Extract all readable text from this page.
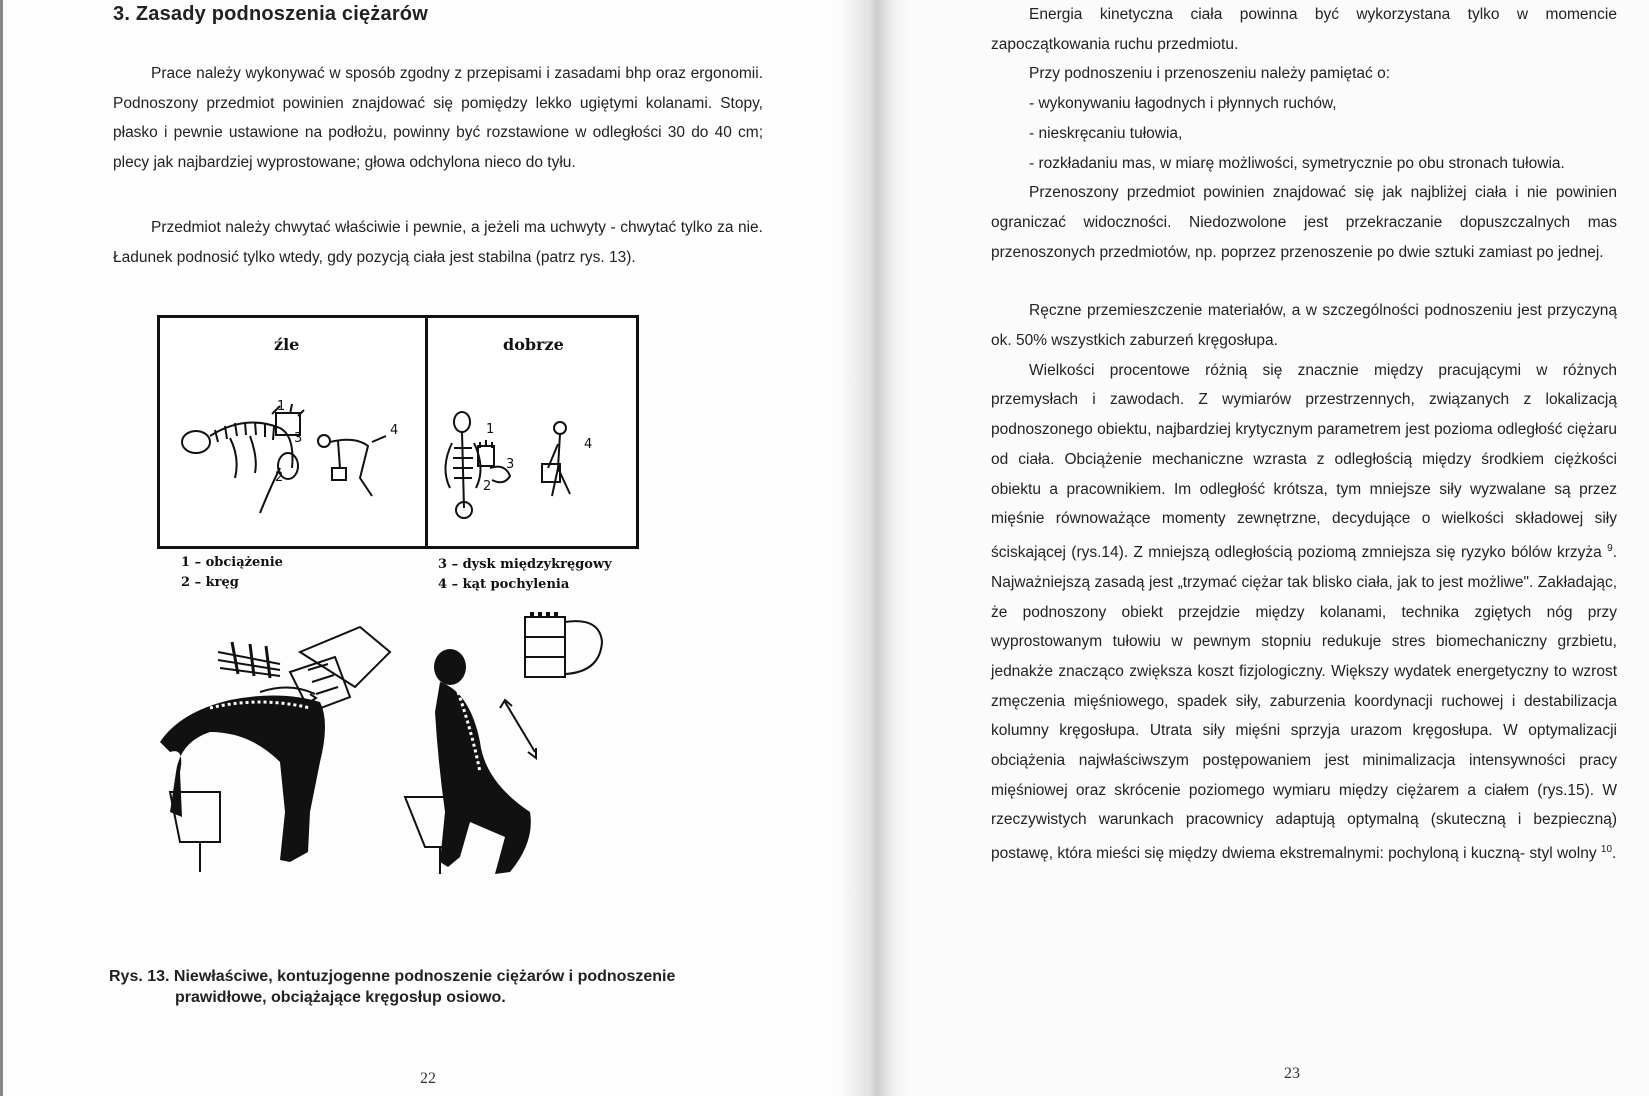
3. Zasady podnoszenia ciężarów

Prace należy wykonywać w sposób zgodny z przepisami i zasadami bhp oraz ergonomii. Podnoszony przedmiot powinien znajdować się pomiędzy lekko ugiętymi kolanami. Stopy, płasko i pewnie ustawione na podłożu, powinny być rozstawione w odległości 30 do 40 cm; plecy jak najbardziej wyprostowane; głowa odchylona nieco do tyłu.

Przedmiot należy chwytać właściwie i pewnie, a jeżeli ma uchwyty - chwytać tylko za nie. Ładunek podnosić tylko wtedy, gdy pozycją ciała jest stabilna (patrz rys. 13).

źle	dobrze
1
2
3
4	1
2
3
4
1 – obciążenie
2 – kręg
3 – dysk międzykręgowy
4 – kąt pochylenia
Rys. 13. Niewłaściwe, kontuzjogenne podnoszenie ciężarów i podnoszenie
prawidłowe, obciążające kręgosłup osiowo.
22

Energia kinetyczna ciała powinna być wykorzystana tylko w momencie zapoczątkowania ruchu przedmiotu.

Przy podnoszeniu i przenoszeniu należy pamiętać o:

- wykonywaniu łagodnych i płynnych ruchów,

- nieskręcaniu tułowia,

- rozkładaniu mas, w miarę możliwości, symetrycznie po obu stronach tułowia.

Przenoszony przedmiot powinien znajdować się jak najbliżej ciała i nie powinien ograniczać widoczności. Niedozwolone jest przekraczanie dopuszczalnych mas przenoszonych przedmiotów, np. poprzez przenoszenie po dwie sztuki zamiast po jednej.

Ręczne przemieszczenie materiałów, a w szczególności podnoszeniu jest przyczyną ok. 50% wszystkich zaburzeń kręgosłupa.

Wielkości procentowe różnią się znacznie między pracującymi w różnych przemysłach i zawodach. Z wymiarów przestrzennych, związanych z lokalizacją podnoszonego obiektu, najbardziej krytycznym parametrem jest pozioma odległość ciężaru od ciała. Obciążenie mechaniczne wzrasta z odległością między środkiem ciężkości obiektu a pracownikiem. Im odległość krótsza, tym mniejsze siły wyzwalane są przez mięśnie równoważące momenty zewnętrzne, decydujące o wielkości składowej siły ściskającej (rys.14). Z mniejszą odległością poziomą zmniejsza się ryzyko bólów krzyża $^9$. Najważniejszą zasadą jest „trzymać ciężar tak blisko ciała, jak to jest możliwe". Zakładając, że podnoszony obiekt przejdzie między kolanami, technika zgiętych nóg przy wyprostowanym tułowiu w pewnym stopniu redukuje stres biomechaniczny grzbietu, jednakże znacząco zwiększa koszt fizjologiczny. Większy wydatek energetyczny to wzrost zmęczenia mięśniowego, spadek siły, zaburzenia koordynacji ruchowej i destabilizacja kolumny kręgosłupa. Utrata siły mięśni sprzyja urazom kręgosłupa. W optymalizacji obciążenia najwłaściwszym postępowaniem jest minimalizacja intensywności pracy mięśniowej oraz skrócenie poziomego wymiaru między ciężarem a ciałem (rys.15). W rzeczywistych warunkach pracownicy adaptują optymalną (skuteczną i bezpieczną) postawę, która mieści się między dwiema ekstremalnymi: pochyloną i kuczną- styl wolny $^{10}$.

23
